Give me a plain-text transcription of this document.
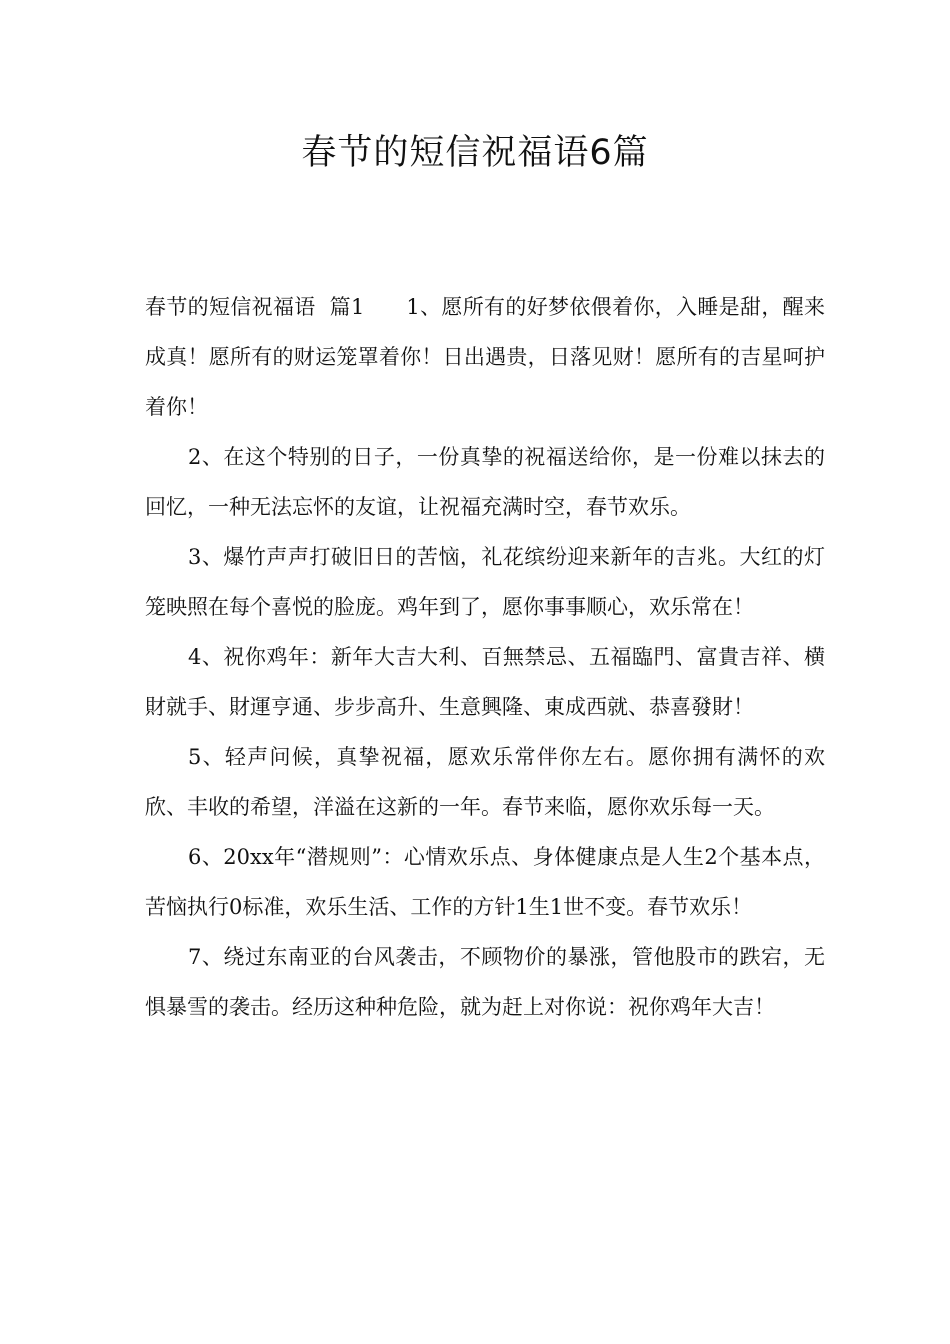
春节的短信祝福语6篇

春节的短信祝福语  篇1 1、愿所有的好梦依偎着你，入睡是甜，醒来成真！愿所有的财运笼罩着你！日出遇贵，日落见财！愿所有的吉星呵护着你！

2、在这个特别的日子，一份真挚的祝福送给你，是一份难以抹去的回忆，一种无法忘怀的友谊，让祝福充满时空，春节欢乐。

3、爆竹声声打破旧日的苦恼，礼花缤纷迎来新年的吉兆。大红的灯笼映照在每个喜悦的脸庞。鸡年到了，愿你事事顺心，欢乐常在！

4、祝你鸡年：新年大吉大利、百無禁忌、五福臨門、富貴吉祥、横財就手、財運亨通、步步高升、生意興隆、東成西就、恭喜發財！

5、轻声问候，真挚祝福，愿欢乐常伴你左右。愿你拥有满怀的欢欣、丰收的希望，洋溢在这新的一年。春节来临，愿你欢乐每一天。

6、20xx年“潜规则”：心情欢乐点、身体健康点是人生2个基本点，苦恼执行0标准，欢乐生活、工作的方针1生1世不变。春节欢乐！

7、绕过东南亚的台风袭击，不顾物价的暴涨，管他股市的跌宕，无惧暴雪的袭击。经历这种种危险，就为赶上对你说：祝你鸡年大吉！
